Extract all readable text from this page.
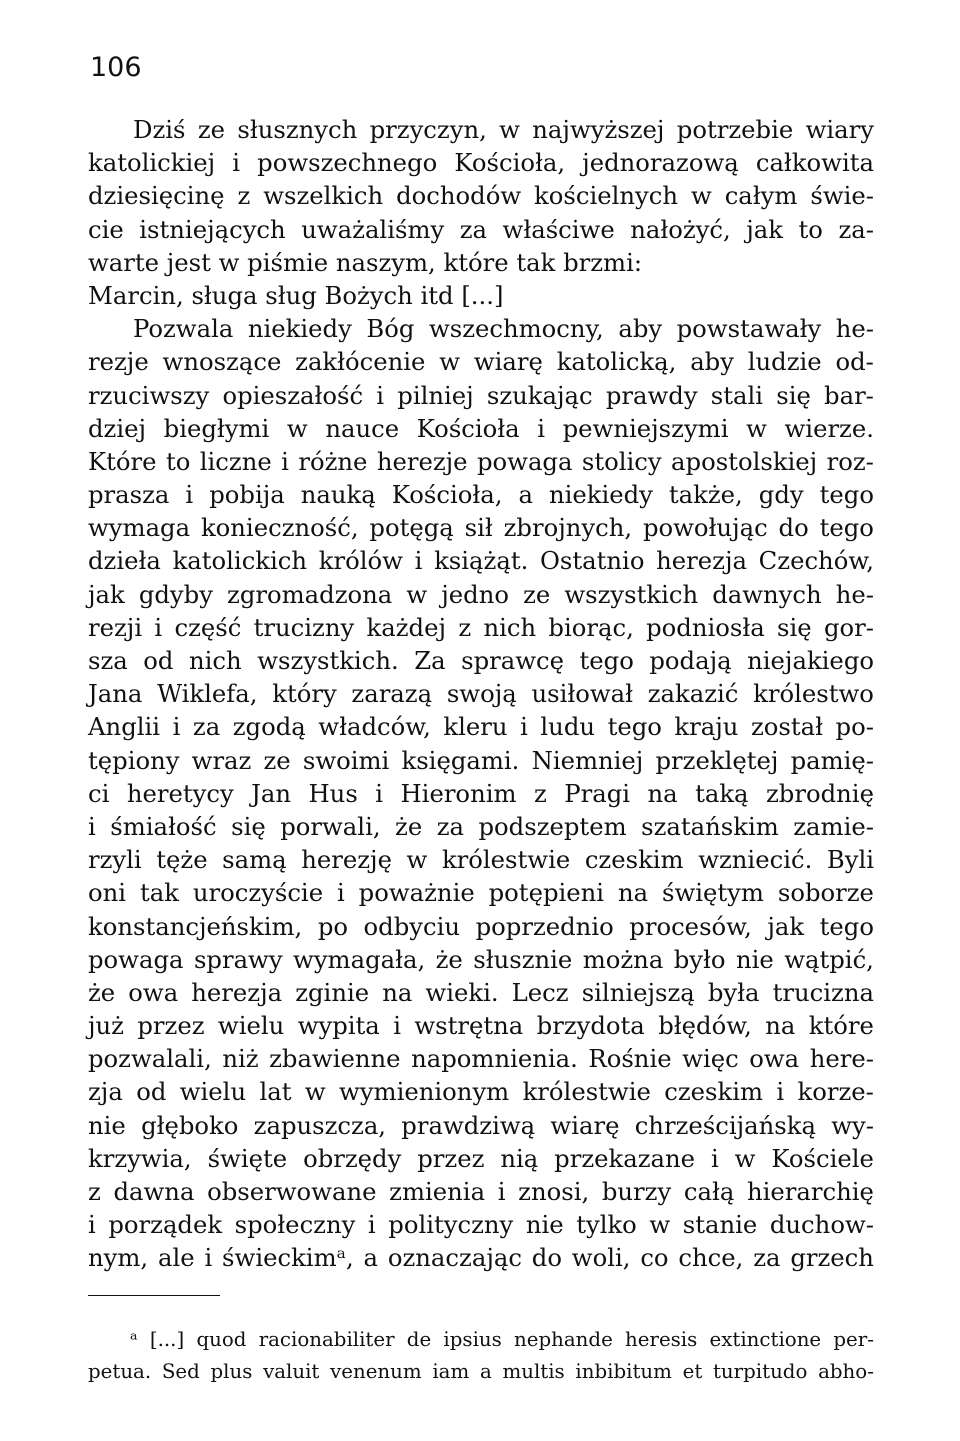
106
Dziś ze słusznych przyczyn, w najwyższej potrzebie wiary
katolickiej i powszechnego Kościoła, jednorazową całkowita
dziesięcinę z wszelkich dochodów kościelnych w całym świe-
cie istniejących uważaliśmy za właściwe nałożyć, jak to za-
warte jest w piśmie naszym, które tak brzmi:
Marcin, sługa sług Bożych itd [...]
Pozwala niekiedy Bóg wszechmocny, aby powstawały he-
rezje wnoszące zakłócenie w wiarę katolicką, aby ludzie od-
rzuciwszy opieszałość i pilniej szukając prawdy stali się bar-
dziej biegłymi w nauce Kościoła i pewniejszymi w wierze.
Które to liczne i różne herezje powaga stolicy apostolskiej roz-
prasza i pobija nauką Kościoła, a niekiedy także, gdy tego
wymaga konieczność, potęgą sił zbrojnych, powołując do tego
dzieła katolickich królów i książąt. Ostatnio herezja Czechów,
jak gdyby zgromadzona w jedno ze wszystkich dawnych he-
rezji i część trucizny każdej z nich biorąc, podniosła się gor-
sza od nich wszystkich. Za sprawcę tego podają niejakiego
Jana Wiklefa, który zarazą swoją usiłował zakazić królestwo
Anglii i za zgodą władców, kleru i ludu tego kraju został po-
tępiony wraz ze swoimi księgami. Niemniej przeklętej pamię-
ci heretycy Jan Hus i Hieronim z Pragi na taką zbrodnię
i śmiałość się porwali, że za podszeptem szatańskim zamie-
rzyli tęże samą herezję w królestwie czeskim wzniecić. Byli
oni tak uroczyście i poważnie potępieni na świętym soborze
konstancjeńskim, po odbyciu poprzednio procesów, jak tego
powaga sprawy wymagała, że słusznie można było nie wątpić,
że owa herezja zginie na wieki. Lecz silniejszą była trucizna
już przez wielu wypita i wstrętna brzydota błędów, na które
pozwalali, niż zbawienne napomnienia. Rośnie więc owa here-
zja od wielu lat w wymienionym królestwie czeskim i korze-
nie głęboko zapuszcza, prawdziwą wiarę chrześcijańską wy-
krzywia, święte obrzędy przez nią przekazane i w Kościele
z dawna obserwowane zmienia i znosi, burzy całą hierarchię
i porządek społeczny i polityczny nie tylko w stanie duchow-
nym, ale i świeckimᵃ, a oznaczając do woli, co chce, za grzech
ᵃ [...] quod racionabiliter de ipsius nephande heresis extinctione per-
petua. Sed plus valuit venenum iam a multis inbibitum et turpitudo abho-
